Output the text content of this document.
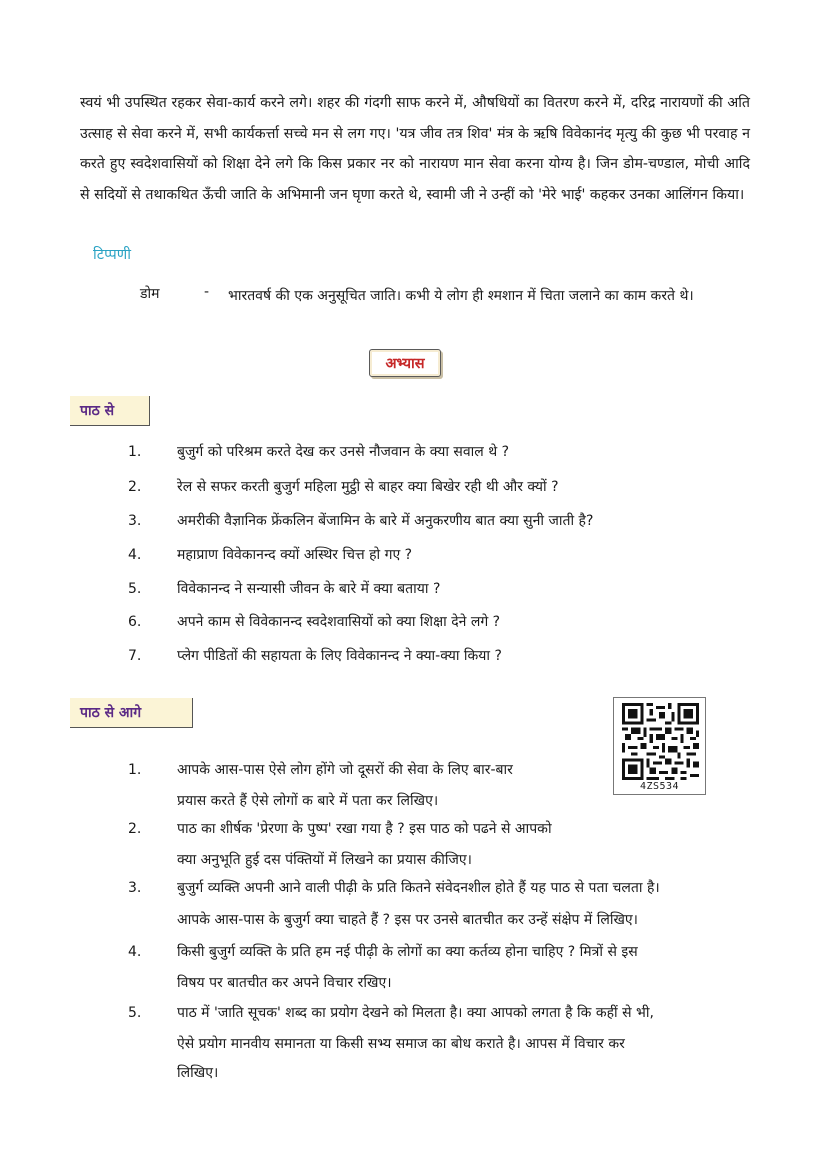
स्वयं भी उपस्थित रहकर सेवा-कार्य करने लगे। शहर की गंदगी साफ करने में, औषधियों का वितरण करने में, दरिद्र नारायणों की अति उत्साह से सेवा करने में, सभी कार्यकर्त्ता सच्चे मन से लग गए। 'यत्र जीव तत्र शिव' मंत्र के ऋषि विवेकानंद मृत्यु की कुछ भी परवाह न करते हुए स्वदेशवासियों को शिक्षा देने लगे कि किस प्रकार नर को नारायण मान सेवा करना योग्य है। जिन डोम-चण्डाल, मोची आदि से सदियों से तथाकथित ऊँची जाति के अभिमानी जन घृणा करते थे, स्वामी जी ने उन्हीं को 'मेरे भाई' कहकर उनका आलिंगन किया।
टिप्पणी
डोम	- भारतवर्ष की एक अनुसूचित जाति। कभी ये लोग ही श्मशान में चिता जलाने का काम करते थे।
अभ्यास
पाठ से
1.	बुजुर्ग को परिश्रम करते देख कर उनसे नौजवान के क्या सवाल थे ?
2.	रेल से सफर करती बुजुर्ग महिला मुट्ठी से बाहर क्या बिखेर रही थी और क्यों ?
3.	अमरीकी वैज्ञानिक फ्रेंकलिन बेंजामिन के बारे में अनुकरणीय बात क्या सुनी जाती है?
4.	महाप्राण विवेकानन्द क्यों अस्थिर चित्त हो गए ?
5.	विवेकानन्द ने सन्यासी जीवन के बारे में क्या बताया ?
6.	अपने काम से विवेकानन्द स्वदेशवासियों को क्या शिक्षा देने लगे ?
7.	प्लेग पीडितों की सहायता के लिए विवेकानन्द ने क्या-क्या किया ?
पाठ से आगे
4ZS534
1.	आपके आस-पास ऐसे लोग होंगे जो दूसरों की सेवा के लिए बार-बार
प्रयास करते हैं ऐसे लोगों क बारे में पता कर लिखिए।
2.	पाठ का शीर्षक 'प्रेरणा के पुष्प' रखा गया है ? इस पाठ को पढने से आपको
क्या अनुभूति हुई दस पंक्तियों में लिखने का प्रयास कीजिए।
3.	बुजुर्ग व्यक्ति अपनी आने वाली पीढ़ी के प्रति कितने संवेदनशील होते हैं यह पाठ से पता चलता है।
आपके आस-पास के बुजुर्ग क्या चाहते हैं ? इस पर उनसे बातचीत कर उन्हें संक्षेप में लिखिए।
4.	किसी बुजुर्ग व्यक्ति के प्रति हम नई पीढ़ी के लोगों का क्या कर्तव्य होना चाहिए ? मित्रों से इस
विषय पर बातचीत कर अपने विचार रखिए।
5.	पाठ में 'जाति सूचक' शब्द का प्रयोग देखने को मिलता है। क्या आपको लगता है कि कहीं से भी,
ऐसे प्रयोग मानवीय समानता या किसी सभ्य समाज का बोध कराते है। आपस में विचार कर
लिखिए।
